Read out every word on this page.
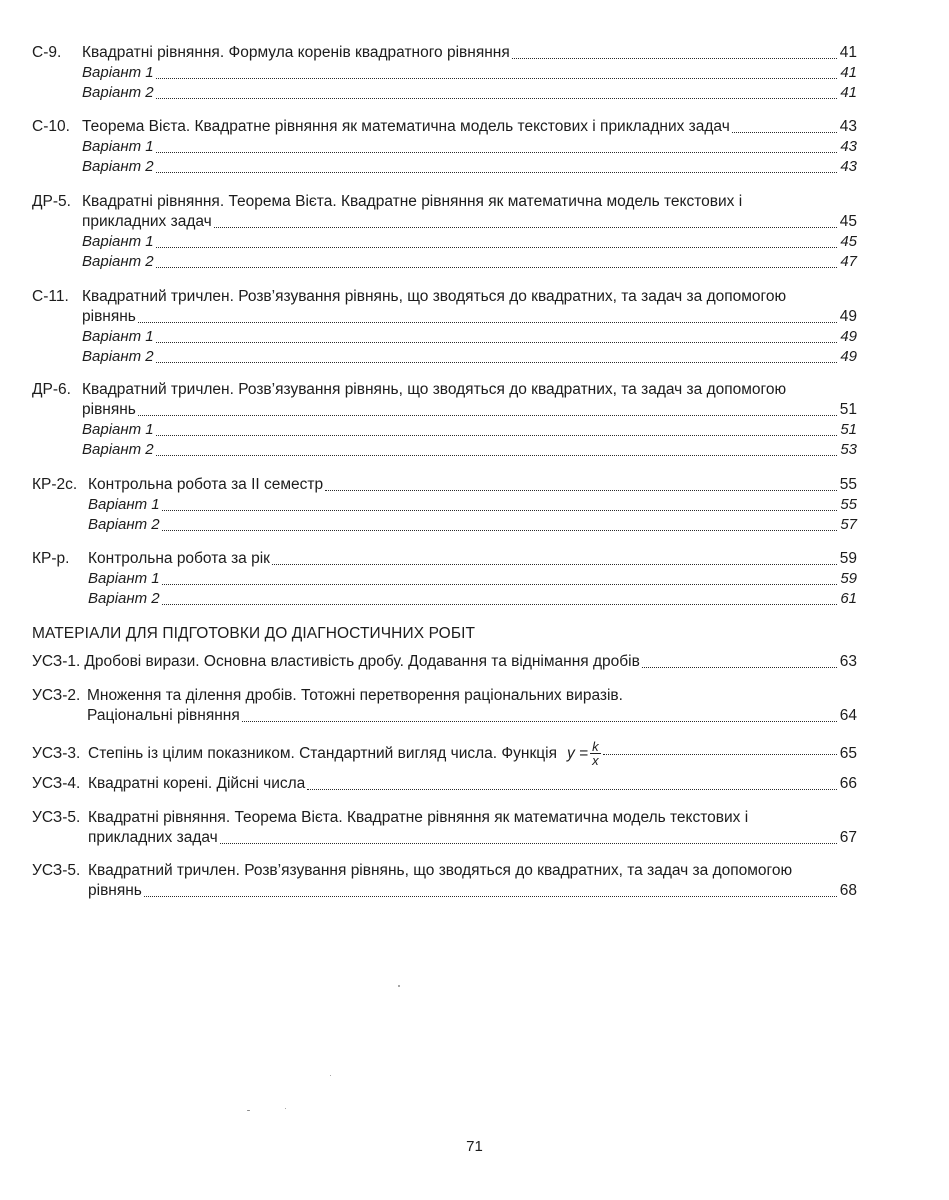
С-9.	Квадратні рівняння. Формула коренів квадратного рівняння	41
Варіант 1	41
Варіант 2	41
С-10. Теорема Вієта. Квадратне рівняння як математична модель текстових і прикладних задач	43
Варіант 1	43
Варіант 2	43
ДР-5. Квадратні рівняння. Теорема Вієта. Квадратне рівняння як математична модель текстових і
прикладних задач	45
Варіант 1	45
Варіант 2	47
С-11. Квадратний тричлен. Розв’язування рівнянь, що зводяться до квадратних, та задач за допомогою
рівнянь	49
Варіант 1	49
Варіант 2	49
ДР-6. Квадратний тричлен. Розв’язування рівнянь, що зводяться до квадратних, та задач за допомогою
рівнянь	51
Варіант 1	51
Варіант 2	53
КР-2с. Контрольна робота за ІІ семестр	55
Варіант 1	55
Варіант 2	57
КР-р.	Контрольна робота за рік	59
Варіант 1	59
Варіант 2	61
МАТЕРІАЛИ ДЛЯ ПІДГОТОВКИ ДО ДІАГНОСТИЧНИХ РОБІТ
УСЗ-1. Дробові вирази. Основна властивість дробу. Додавання та віднімання дробів	63
УСЗ-2. Множення та ділення дробів. Тотожні перетворення раціональних виразів.
Раціональні рівняння	64
УСЗ-3. Степінь із цілим показником. Стандартний вигляд числа. Функція $y = \frac{k}{x}$	65
УСЗ-4. Квадратні корені. Дійсні числа	66
УСЗ-5. Квадратні рівняння. Теорема Вієта. Квадратне рівняння як математична модель текстових і
прикладних задач	67
УСЗ-5. Квадратний тричлен. Розв’язування рівнянь, що зводяться до квадратних, та задач за допомогою
рівнянь	68
71
